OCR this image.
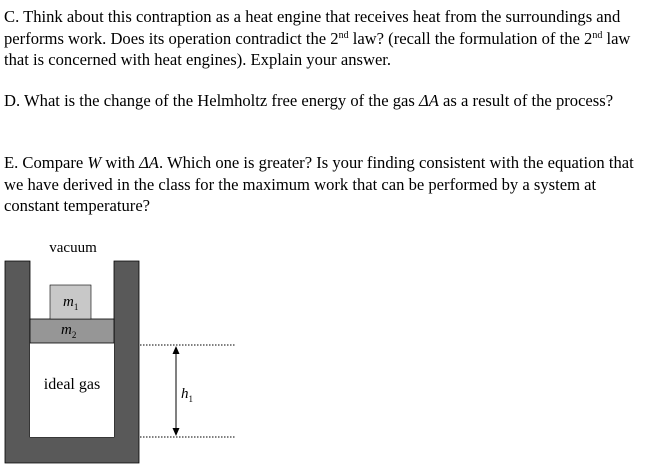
C. Think about this contraption as a heat engine that receives heat from the surroundings and performs work. Does its operation contradict the 2nd law? (recall the formulation of the 2nd law that is concerned with heat engines). Explain your answer.

D. What is the change of the Helmholtz free energy of the gas ΔA as a result of the process?

E. Compare W with ΔA. Which one is greater? Is your finding consistent with the equation that we have derived in the class for the maximum work that can be performed by a system at constant temperature?

vacuum
$m_1$
$m_2$
ideal gas
$h_1$
